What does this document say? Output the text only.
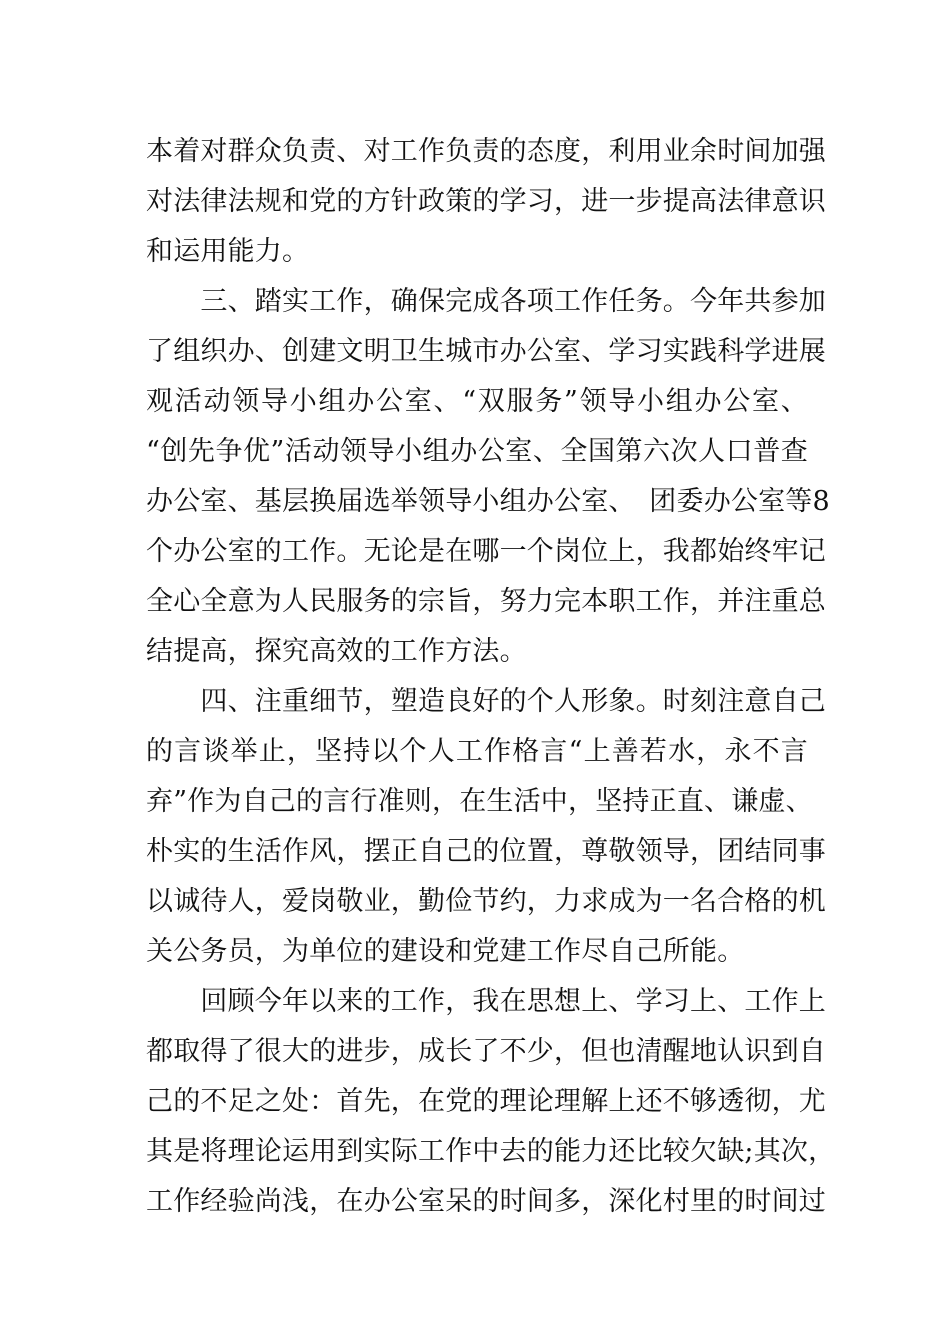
本着对群众负责、对工作负责的态度，利用业余时间加强
对法律法规和党的方针政策的学习，进一步提高法律意识
和运用能力。
　　三、踏实工作，确保完成各项工作任务。今年共参加
了组织办、创建文明卫生城市办公室、学习实践科学进展
观活动领导小组办公室、“双服务”领导小组办公室、
“创先争优”活动领导小组办公室、全国第六次人口普查
办公室、基层换届选举领导小组办公室、　团委办公室等8
个办公室的工作。无论是在哪一个岗位上，我都始终牢记
全心全意为人民服务的宗旨，努力完本职工作，并注重总
结提高，探究高效的工作方法。
　　四、注重细节，塑造良好的个人形象。时刻注意自己
的言谈举止，坚持以个人工作格言“上善若水，永不言
弃”作为自己的言行准则，在生活中，坚持正直、谦虚、
朴实的生活作风，摆正自己的位置，尊敬领导，团结同事
以诚待人，爱岗敬业，勤俭节约，力求成为一名合格的机
关公务员，为单位的建设和党建工作尽自己所能。
　　回顾今年以来的工作，我在思想上、学习上、工作上
都取得了很大的进步，成长了不少，但也清醒地认识到自
己的不足之处：首先，在党的理论理解上还不够透彻，尤
其是将理论运用到实际工作中去的能力还比较欠缺;其次，
工作经验尚浅，在办公室呆的时间多，深化村里的时间过
